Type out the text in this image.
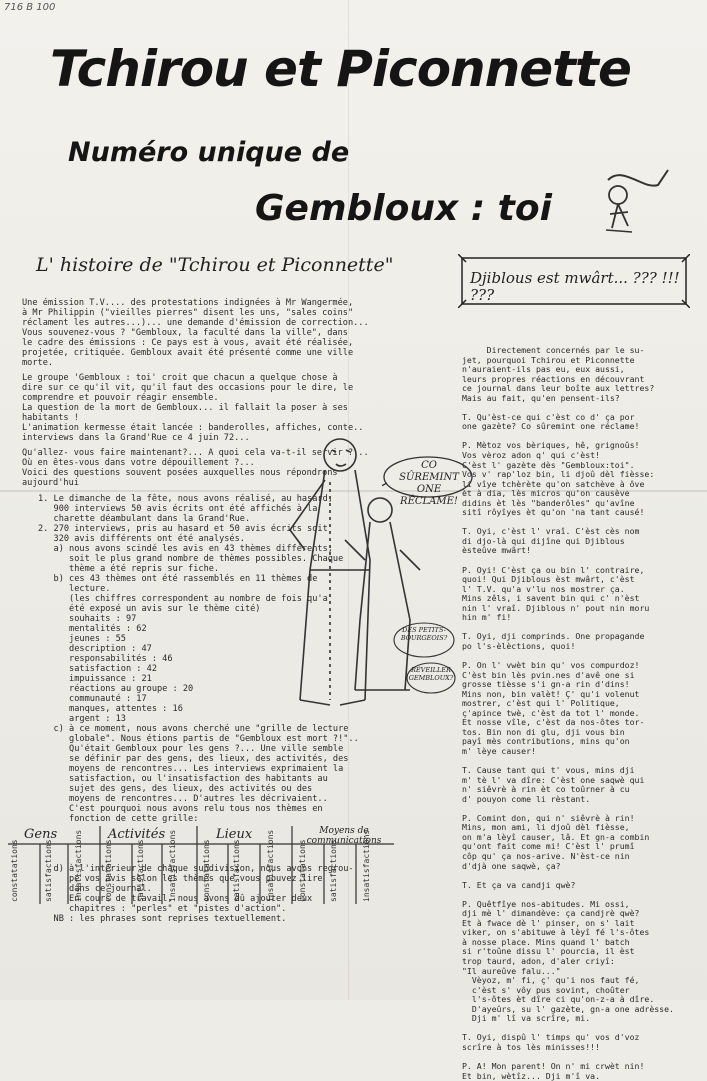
716 B 100
Tchirou et Piconnette
Numéro unique de
Gembloux : toi
L' histoire de "Tchirou et Piconnette"
Une émission T.V.... des protestations indignées à Mr Wangermée,
à Mr Philippin ("vieilles pierres" disent les uns, "sales coins"
réclament les autres...)... une demande d'émission de correction...
Vous souvenez-vous ? "Gembloux, la faculté dans la ville", dans
le cadre des émissions : Ce pays est à vous, avait été réalisée,
projetée, critiquée. Gembloux avait été présenté comme une ville
morte.
Le groupe 'Gembloux : toi' croit que chacun a quelque chose à
dire sur ce qu'il vit, qu'il faut des occasions pour le dire, le
comprendre et pouvoir réagir ensemble.
La question de la mort de Gembloux... il fallait la poser à ses
habitants !
L'animation kermesse était lancée : banderolles, affiches, conte..
interviews dans la Grand'Rue ce 4 juin 72...
Qu'allez- vous faire maintenant?... A quoi cela va-t-il servir ? ..
Où en êtes-vous dans votre dépouillement ?...
Voici des questions souvent posées auxquelles nous répondrons
aujourd'hui
1. Le dimanche de la fête, nous avons réalisé, au hasard,
900 interviews 50 avis écrits ont été affichés à la
charette déambulant dans la Grand'Rue.
2. 270 interviews, pris au hasard et 50 avis écrits soit
320 avis différents ont été analysés.
a) nous avons scindé les avis en 43 thèmes différents,
soit le plus grand nombre de thèmes possibles. Chaque
thème a été repris sur fiche.
b) ces 43 thèmes ont été rassemblés en 11 thèmes de
lecture.
(les chiffres correspondent au nombre de fois qu'a
été exposé un avis sur le thème cité)
souhaits : 97
mentalités : 62
jeunes : 55
description : 47
responsabilités : 46
satisfaction : 42
impuissance : 21
réactions au groupe : 20
communauté : 17
manques, attentes : 16
argent : 13
c) à ce moment, nous avons cherché une "grille de lecture
globale". Nous étions partis de "Gembloux est mort ?!"..
Qu'était Gembloux pour les gens ?... Une ville semble
se définir par des gens, des lieux, des activités, des
moyens de rencontres... Les interviews exprimaient la
satisfaction, ou l'insatisfaction des habitants au
sujet des gens, des lieux, des activités ou des
moyens de rencontres... D'autres les décrivaient..
C'est pourquoi nous avons relu tous nos thèmes en
fonction de cette grille:
CO SÛREMINT ONE RÉCLAME!
DES PETITS-BOURGEOIS?
RÉVEILLER GEMBLOUX?
Gens	Activités	Lieux	Moyens de communications
constatations	satisfactions	insatisfactions	constatations	satisfactions	insatisfactions	constatations	satisfactions	insatisfactions	constatations	satisfactions	insatisfactions
d) à l'intérieur de chaque subdivision, nous avons regrou-
pé vos avis selon les thèmes que vous pouvez lire
dans ce journal.
En cours de travail, nous avons dû ajouter deux
chapitres : "perles" et "pistes d'action".
NB : les phrases sont reprises textuellement.
Djiblous est mwârt... ??? !!! ???
Directement concernés par le su-
jet, pourquoi Tchirou et Piconnette
n'auraient-ils pas eu, eux aussi,
leurs propres réactions en découvrant
ce journal dans leur boîte aux lettres?
Mais au fait, qu'en pensent-ils?

T. Qu'èst-ce qui c'èst co d' ça por
one gazète? Co sûremint one réclame!

P. Mètoz vos bèriques, hê, grignoûs!
Vos vèroz adon q' qui c'èst!
C'èst l' gazète dès "Gembloux:toi".
Vos v' rap'loz bin, li djoû dèl fièsse:
li vîye tchèrète qu'on satchève à ôve
èt à dia, lès micros qu'on causève
didins èt lès "banderôles" qu'avîne
sitî rôyîyes èt qu'on 'na tant causé!

T. Oyi, c'èst l' vraî. C'èst cès nom
di djo-là qui dijîne qui Djiblous
èsteûve mwârt!

P. Oyi! C'èst ça ou bin l' contraire,
quoi! Qui Djiblous èst mwârt, c'èst
l' T.V. qu'a v'lu nos mostrer ça.
Mins zêls, i savent bin qui c' n'èst
nin l' vraî. Djiblous n' pout nin moru
hin m' fi!

T. Oyi, dji comprinds. One propagande
po l's-èlèctions, quoi!

P. On l' vwèt bin qu' vos compurdoz!
C'èst bin lès pvin.nes d'avê one si
grosse tièsse s'i gn-a rin d'dins!
Mins non, bin valèt! Ç' qu'i volenut
mostrer, c'èst qui l' Politique,
ç'apince twè, c'èst da tot l' monde.
Et nosse vîle, c'èst da nos-ôtes tor-
tos. Bin non di glu, dji vous bin
payî mès contributions, mins qu'on
m' lèye causer!

T. Cause tant qui t' vous, mins dji
m' tè l' va dîre: C'èst one saqwè qui
n' siêvrè à rin èt co toûrner à cu
d' pouyon come li rèstant.

P. Comint don, qui n' siêvrè à rin!
Mins, mon ami, li djoû dèl fièsse,
on m'a lèyî causer, lâ. Et gn-a combin
qu'ont fait come mi! C'èst l' prumî
côp qu' ça nos-arive. N'èst-ce nin
d'djà one saqwè, ça?

T. Et ça va candji qwè?

P. Quêtfîye nos-abitudes. Mi ossi,
dji mè l' dimandève: ça candjrè qwè?
Et à fwace dè l' pinser, on s' lait
viker, on s'abituwe à lèyî fé l's-ôtes
à nosse place. Mins quand l' batch
si r'toûne dissu l' pourcia, il èst
trop taurd, adon, d'aler criyî:
"Il aureûve falu..."
Vèyoz, m' fi, ç' qu'i nos faut fé,
c'èst s' vôy pus sovint, choûter
l's-ôtes èt dîre ci qu'on-z-a à dîre.
D'ayeûrs, su l' gazète, gn-a one adrèsse.
Dji m' lî va scrîre, mi.

T. Oyi, dispû l' timps qu' vos d'voz
scrîre à tos lès minisses!!!

P. A! Mon parent! On n' mi crwèt nin!
Et bin, wètîz... Dji m'î va.
